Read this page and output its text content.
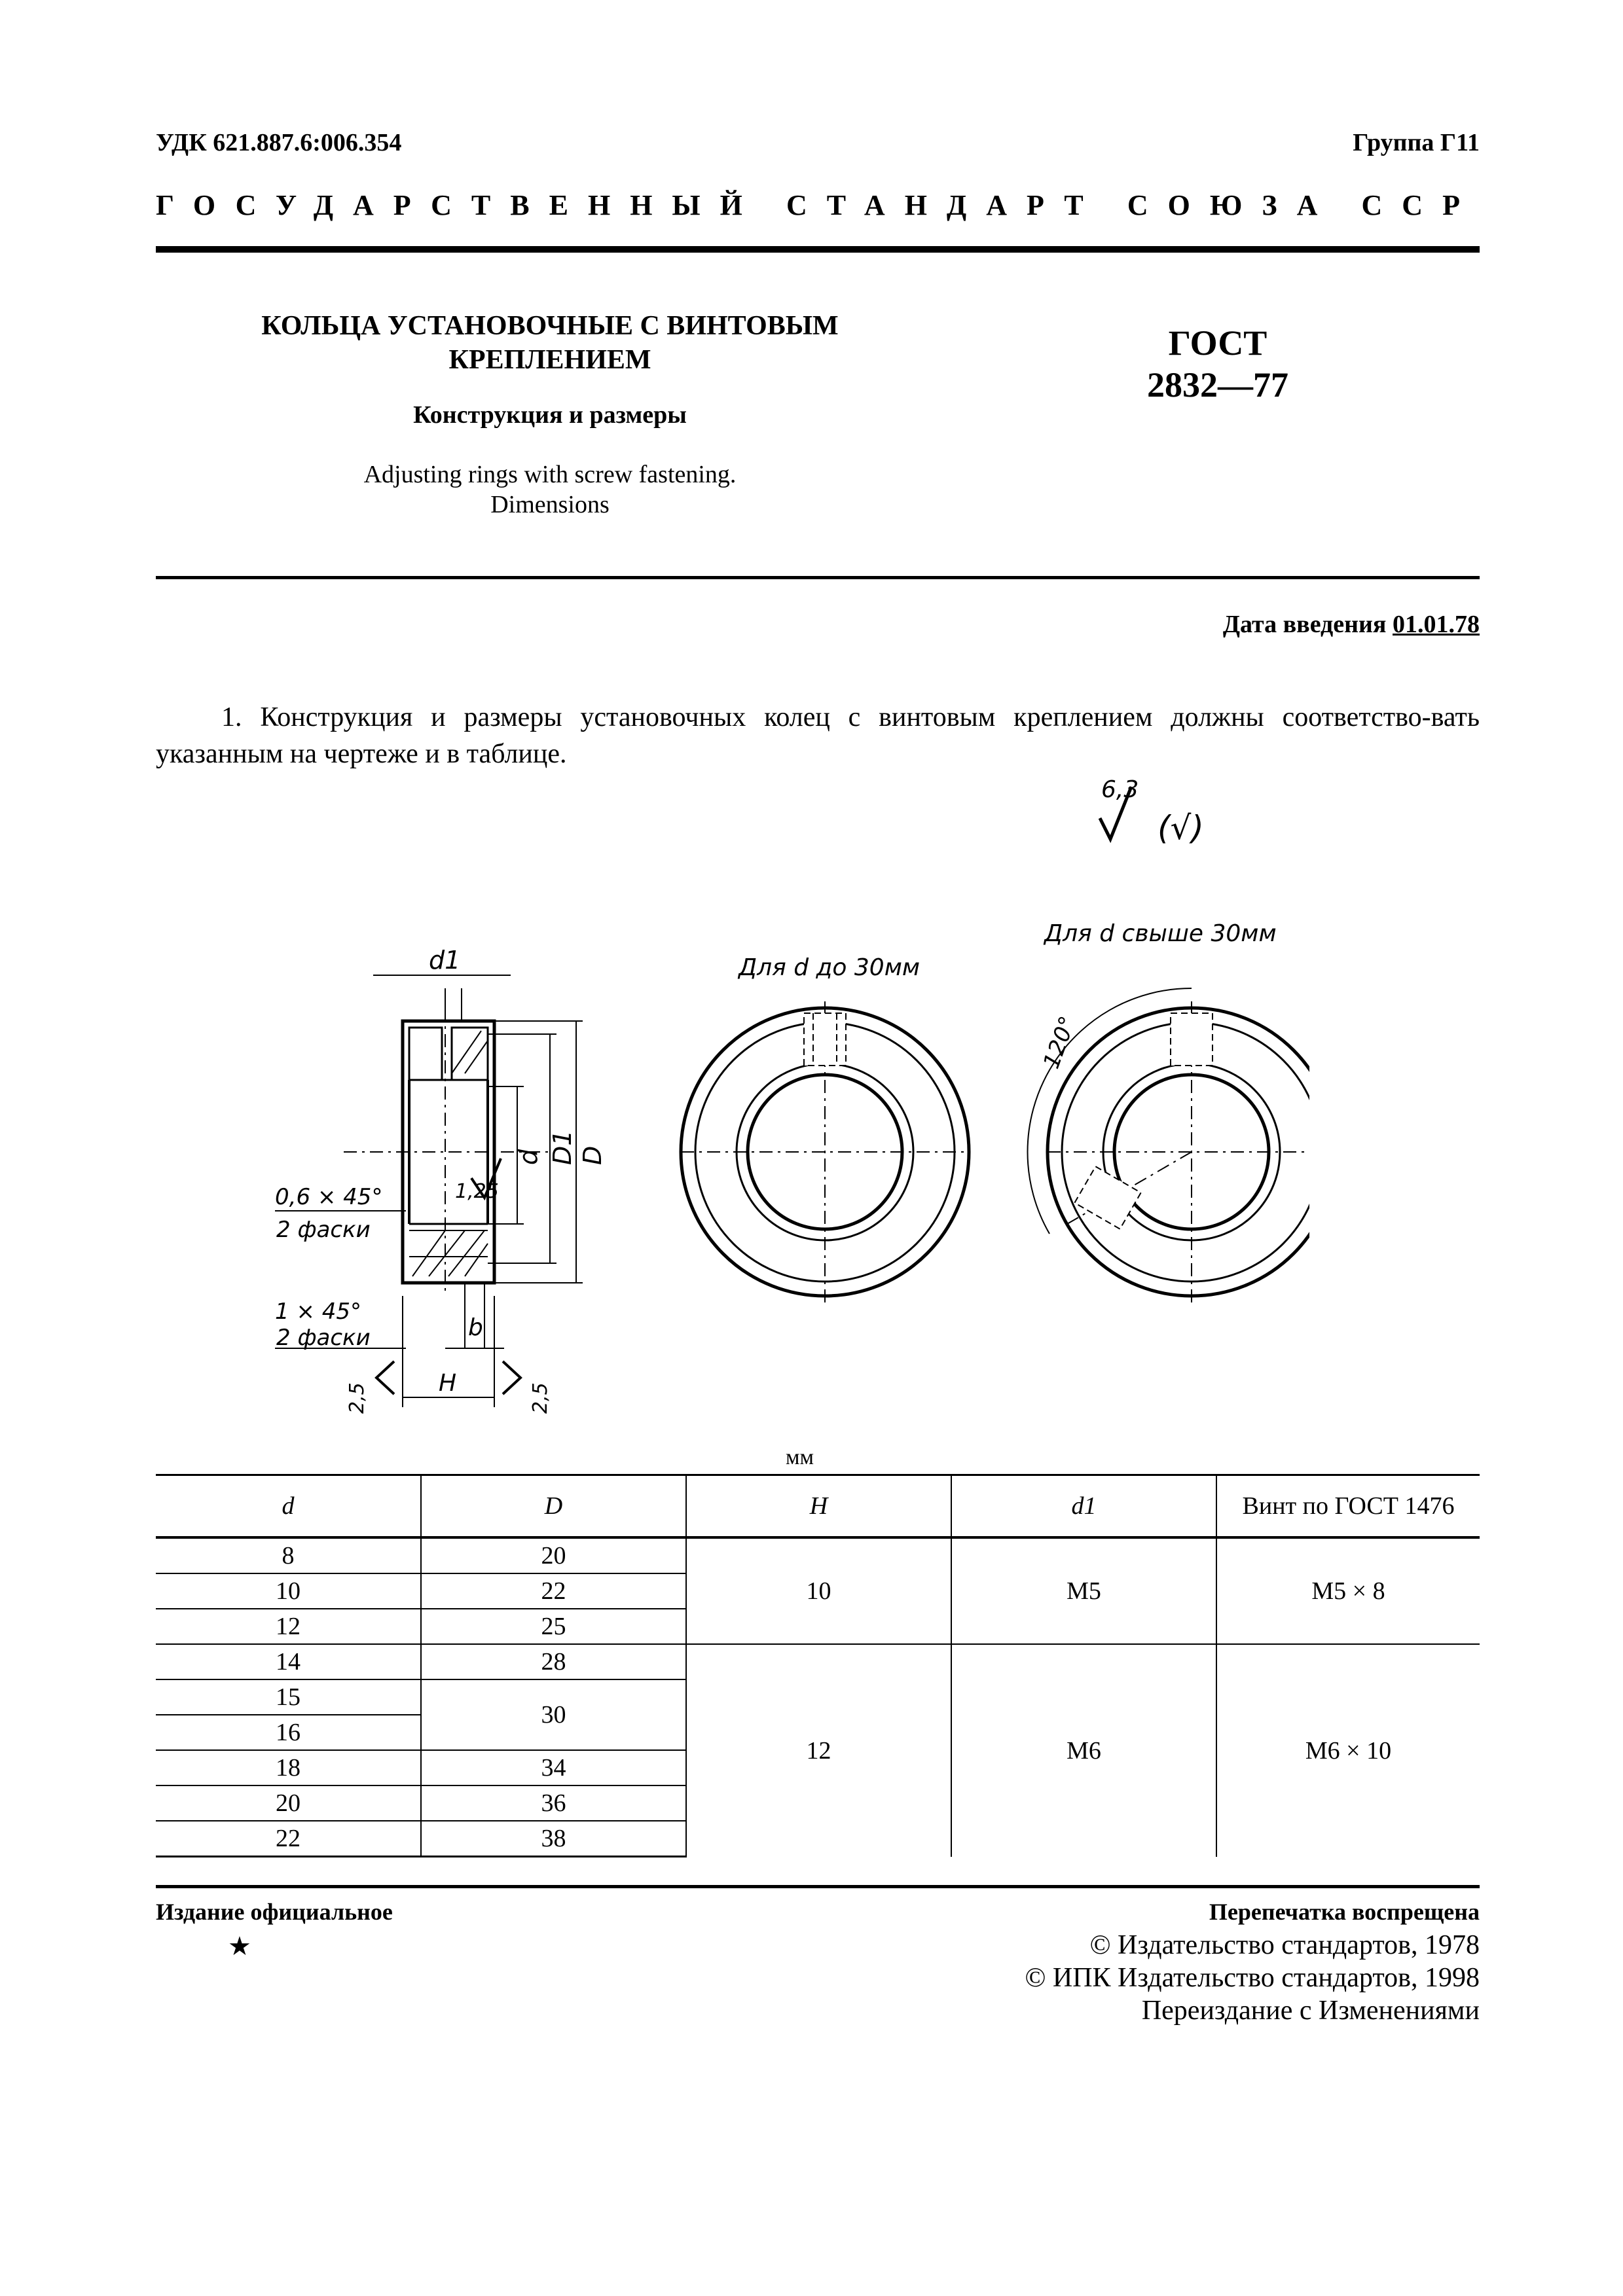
УДК 621.887.6:006.354	Группа Г11
ГОСУДАРСТВЕННЫЙ СТАНДАРТ СОЮЗА ССР
КОЛЬЦА УСТАНОВОЧНЫЕ С ВИНТОВЫМ
КРЕПЛЕНИЕМ
Конструкция и размеры
Adjusting rings with screw fastening.
Dimensions
ГОСТ
2832—77
Дата введения 01.01.78
1. Конструкция и размеры установочных колец с винтовым креплением должны соответство-вать указанным на чертеже и в таблице.
6,3
(√)
Для d до 30мм
Для d свыше 30мм
d1
d D1 D
b
H
0,6 × 45°
2 фаски
1 × 45°
2 фаски
1,25
2,5	2,5
120°
мм
d	D	H	d1	Винт по ГОСТ 1476
8	20	10	M5	M5 × 8
10	22			
12	25			
14	28	12	M6	M6 × 10
15	30			
16				
18	34			
20	36			
22	38			
Издание официальное
★
Перепечатка воспрещена
© Издательство стандартов, 1978
© ИПК Издательство стандартов, 1998
Переиздание с Изменениями
